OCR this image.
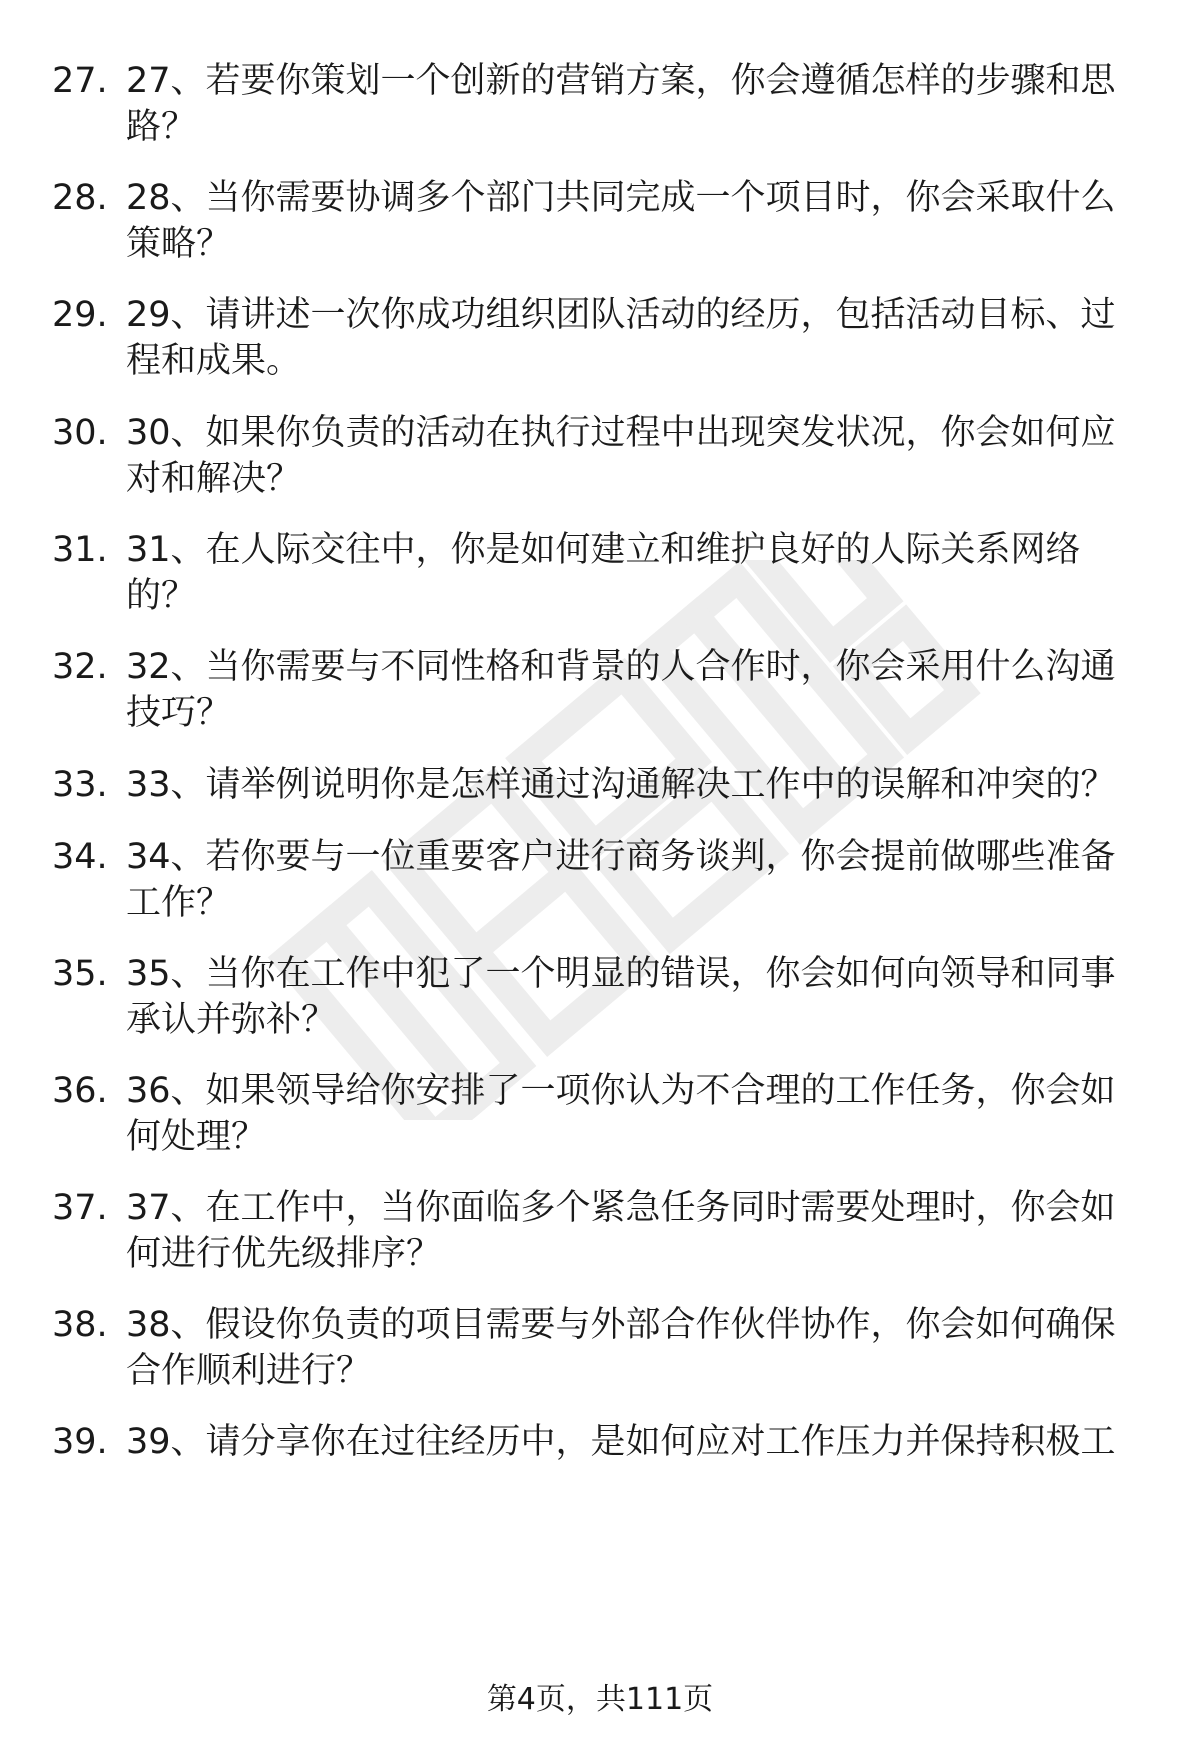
27. 27、若要你策划一个创新的营销方案，你会遵循怎样的步骤和思路？
28. 28、当你需要协调多个部门共同完成一个项目时，你会采取什么策略？
29. 29、请讲述一次你成功组织团队活动的经历，包括活动目标、过程和成果。
30. 30、如果你负责的活动在执行过程中出现突发状况，你会如何应对和解决？
31. 31、在人际交往中，你是如何建立和维护良好的人际关系网络的？
32. 32、当你需要与不同性格和背景的人合作时，你会采用什么沟通技巧？
33. 33、请举例说明你是怎样通过沟通解决工作中的误解和冲突的？
34. 34、若你要与一位重要客户进行商务谈判，你会提前做哪些准备工作？
35. 35、当你在工作中犯了一个明显的错误，你会如何向领导和同事承认并弥补？
36. 36、如果领导给你安排了一项你认为不合理的工作任务，你会如何处理？
37. 37、在工作中，当你面临多个紧急任务同时需要处理时，你会如何进行优先级排序？
38. 38、假设你负责的项目需要与外部合作伙伴协作，你会如何确保合作顺利进行？
39. 39、请分享你在过往经历中，是如何应对工作压力并保持积极工
第4页，共111页
